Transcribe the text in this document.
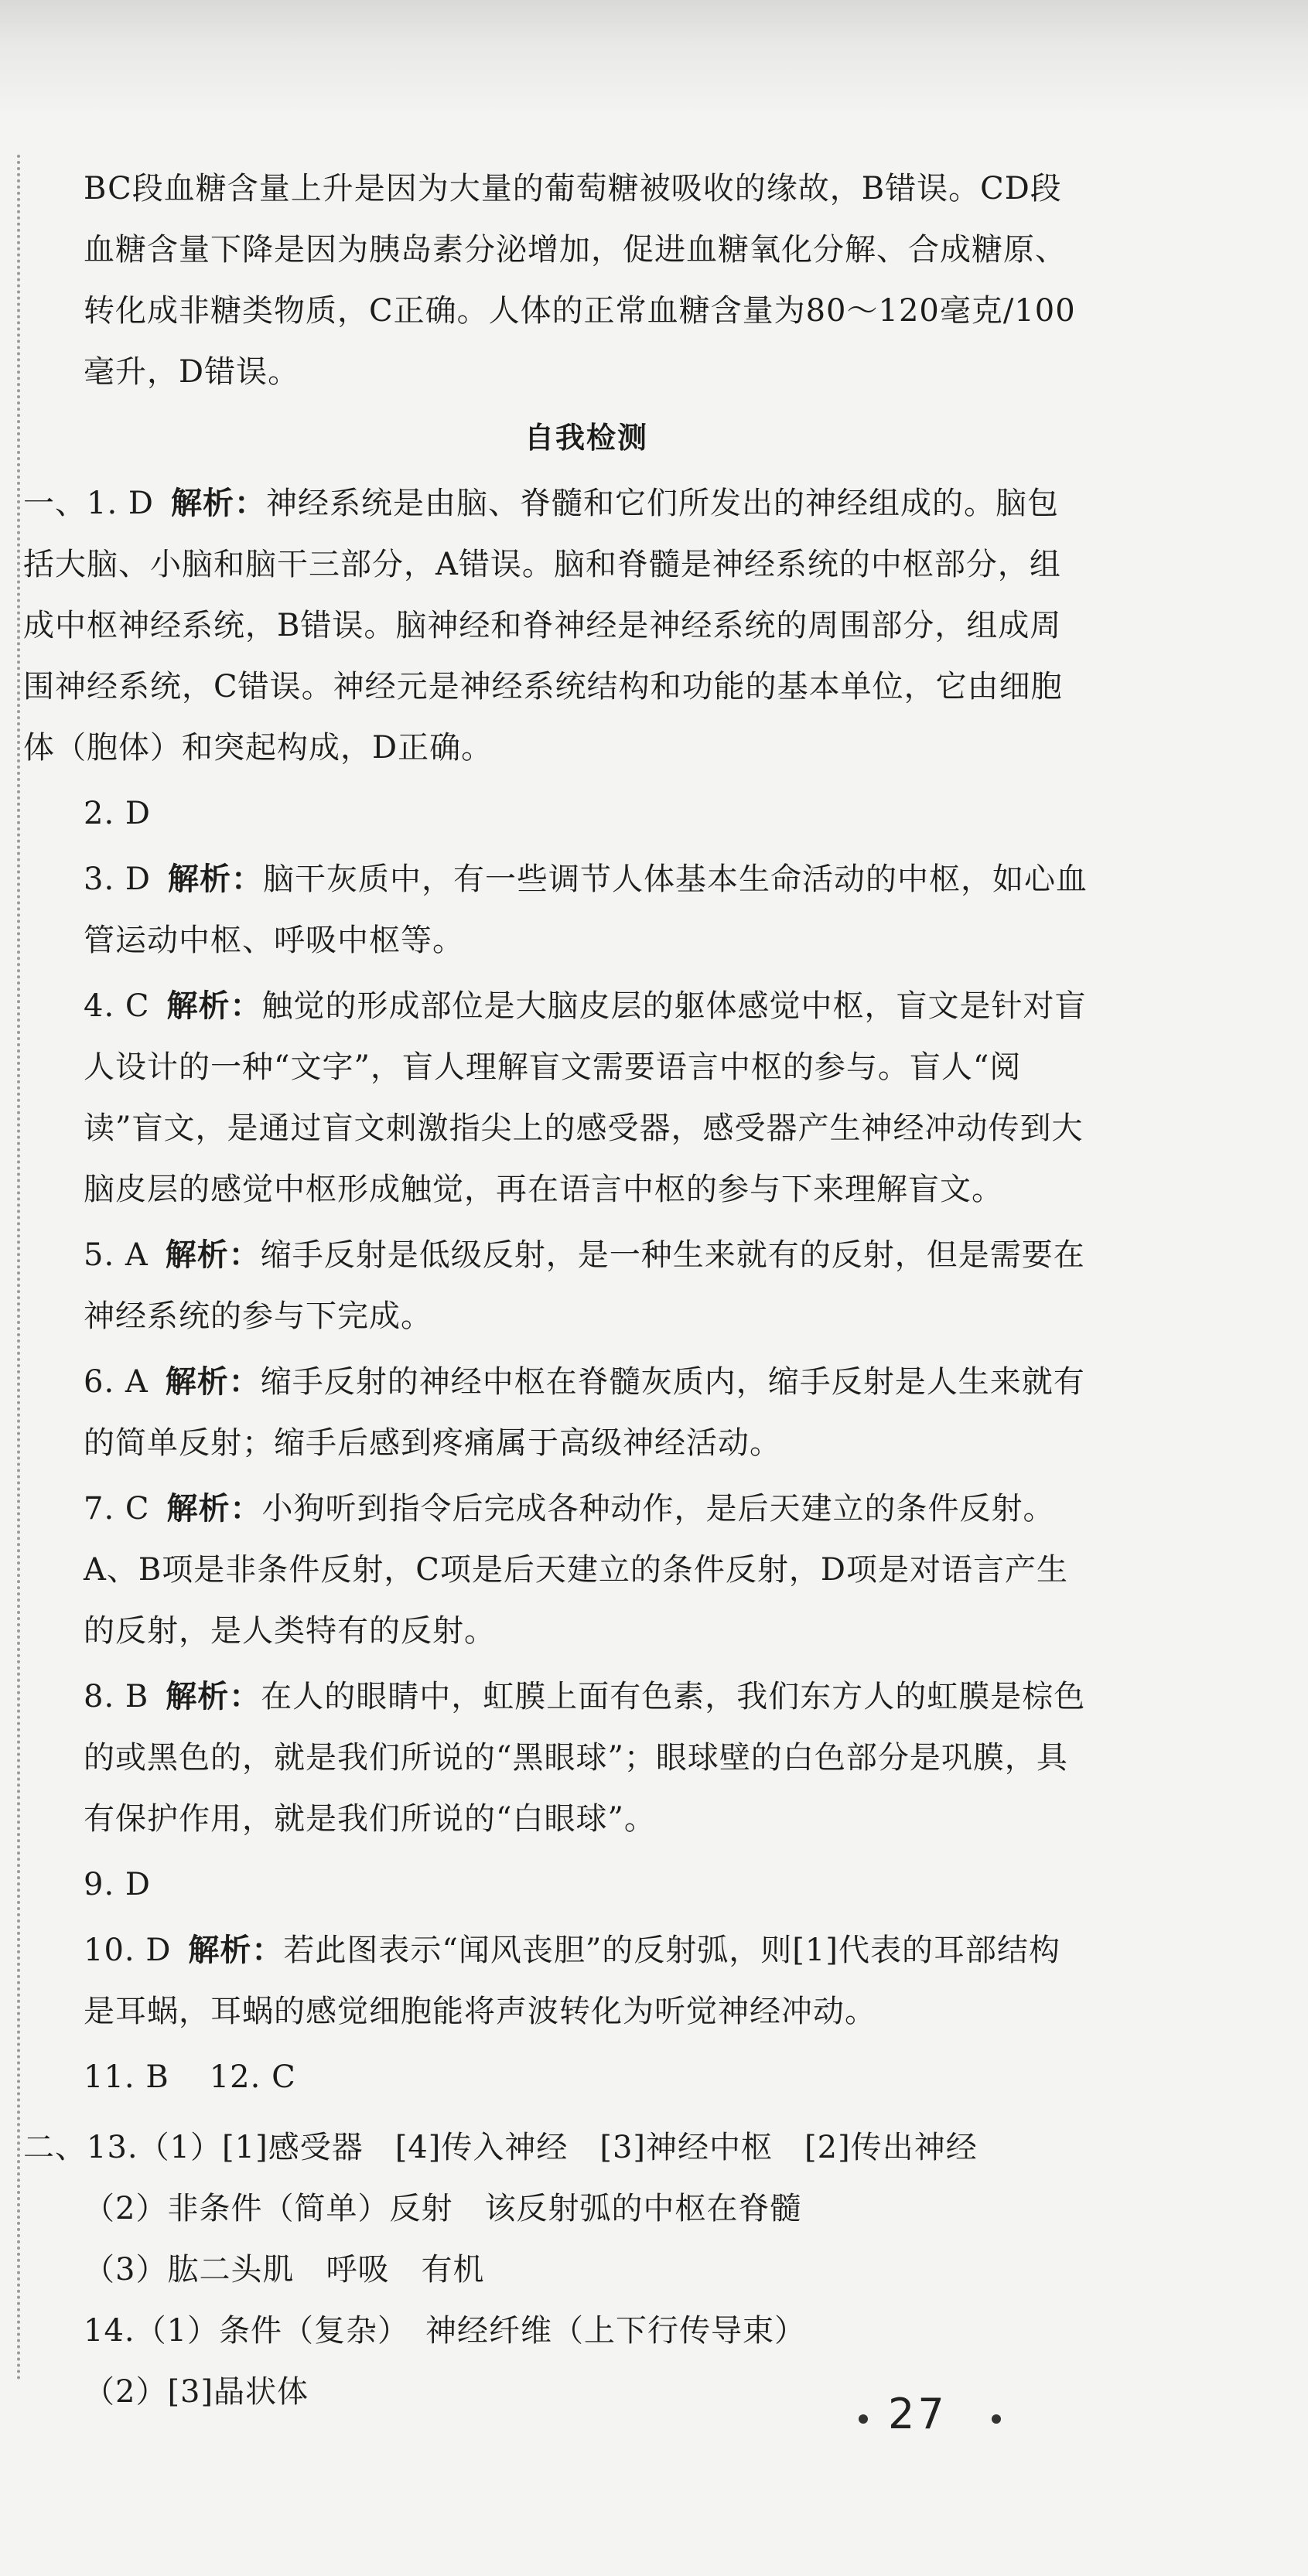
BC段血糖含量上升是因为大量的葡萄糖被吸收的缘故，B错误。CD段血糖含量下降是因为胰岛素分泌增加，促进血糖氧化分解、合成糖原、转化成非糖类物质，C正确。人体的正常血糖含量为80～120毫克/100毫升，D错误。

自我检测

一、1. D 解析：神经系统是由脑、脊髓和它们所发出的神经组成的。脑包括大脑、小脑和脑干三部分，A错误。脑和脊髓是神经系统的中枢部分，组成中枢神经系统，B错误。脑神经和脊神经是神经系统的周围部分，组成周围神经系统，C错误。神经元是神经系统结构和功能的基本单位，它由细胞体（胞体）和突起构成，D正确。

2. D

3. D 解析：脑干灰质中，有一些调节人体基本生命活动的中枢，如心血管运动中枢、呼吸中枢等。

4. C 解析：触觉的形成部位是大脑皮层的躯体感觉中枢，盲文是针对盲人设计的一种“文字”，盲人理解盲文需要语言中枢的参与。盲人“阅读”盲文，是通过盲文刺激指尖上的感受器，感受器产生神经冲动传到大脑皮层的感觉中枢形成触觉，再在语言中枢的参与下来理解盲文。

5. A 解析：缩手反射是低级反射，是一种生来就有的反射，但是需要在神经系统的参与下完成。

6. A 解析：缩手反射的神经中枢在脊髓灰质内，缩手反射是人生来就有的简单反射；缩手后感到疼痛属于高级神经活动。

7. C 解析：小狗听到指令后完成各种动作，是后天建立的条件反射。A、B项是非条件反射，C项是后天建立的条件反射，D项是对语言产生的反射，是人类特有的反射。

8. B 解析：在人的眼睛中，虹膜上面有色素，我们东方人的虹膜是棕色的或黑色的，就是我们所说的“黑眼球”；眼球壁的白色部分是巩膜，具有保护作用，就是我们所说的“白眼球”。

9. D

10. D 解析：若此图表示“闻风丧胆”的反射弧，则[1]代表的耳部结构是耳蜗，耳蜗的感觉细胞能将声波转化为听觉神经冲动。

11. B 12. C

二、13.（1）[1]感受器　[4]传入神经　[3]神经中枢　[2]传出神经

（2）非条件（简单）反射　该反射弧的中枢在脊髓

（3）肱二头肌　呼吸　有机

14.（1）条件（复杂）　神经纤维（上下行传导束）

（2）[3]晶状体	27
